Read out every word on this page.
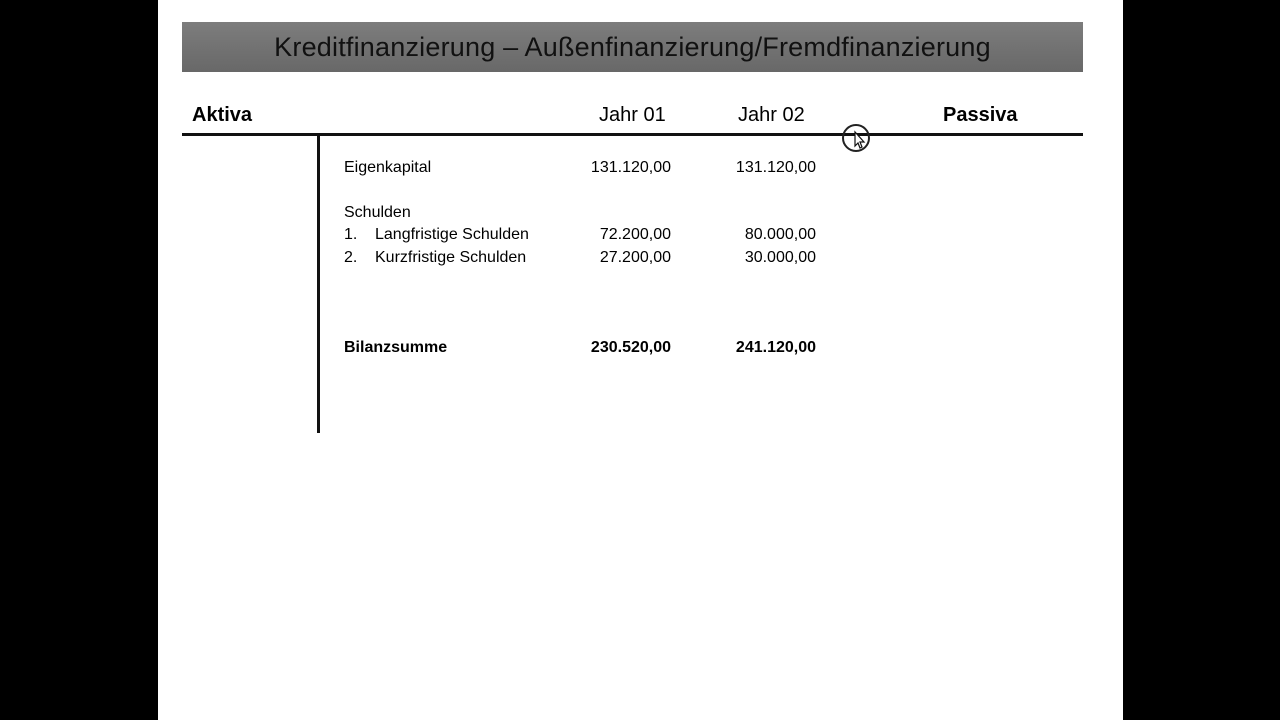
Kreditfinanzierung – Außenfinanzierung/Fremdfinanzierung
Aktiva	Jahr 01	Jahr 02	Passiva
Eigenkapital	131.120,00	131.120,00
Schulden
1. Langfristige Schulden	72.200,00	80.000,00
2. Kurzfristige Schulden	27.200,00	30.000,00
Bilanzsumme	230.520,00	241.120,00
